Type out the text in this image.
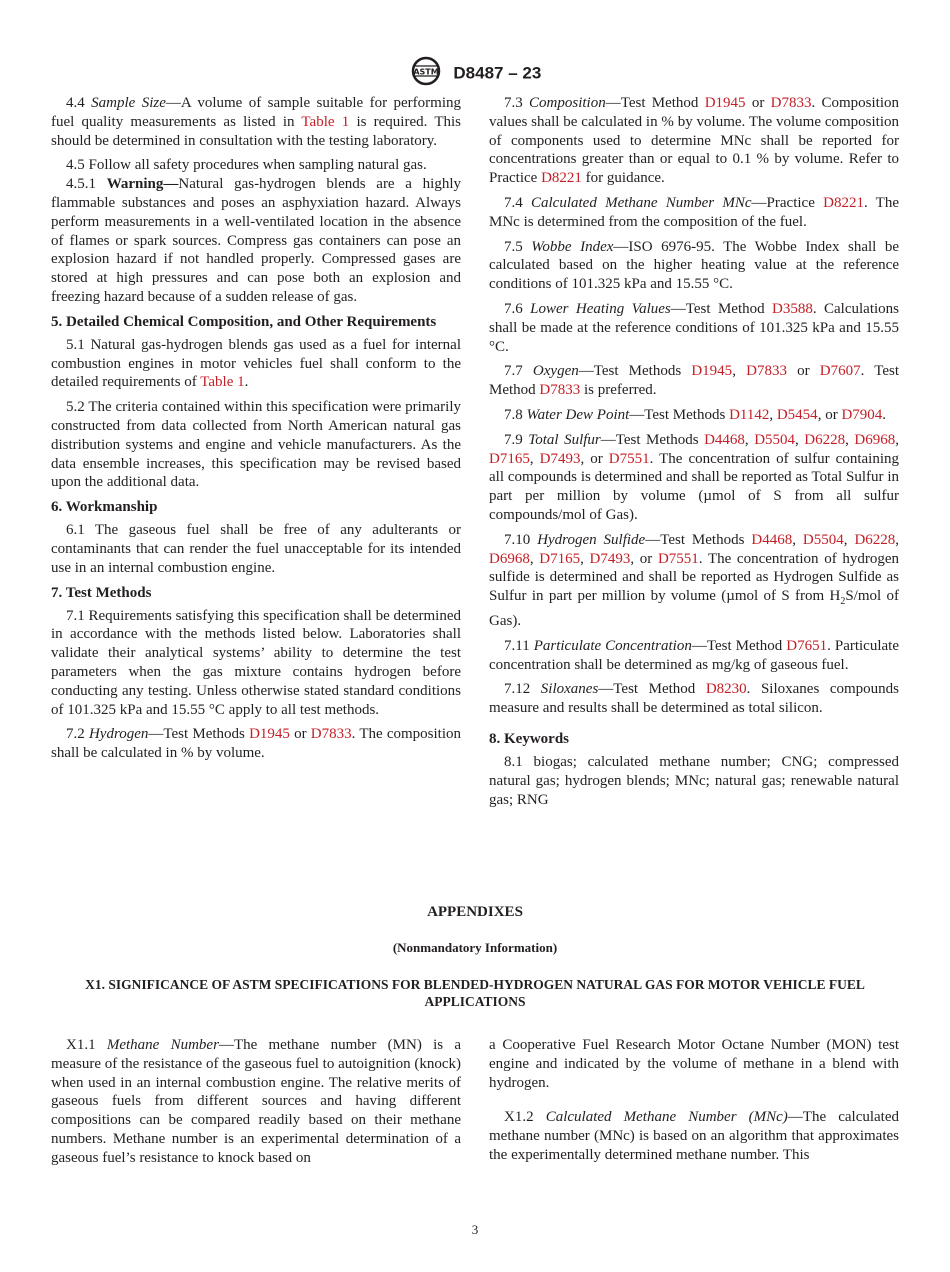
ASTM D8487 – 23

4.4 Sample Size—A volume of sample suitable for performing fuel quality measurements as listed in Table 1 is required. This should be determined in consultation with the testing laboratory.

4.5 Follow all safety procedures when sampling natural gas.

4.5.1 Warning—Natural gas-hydrogen blends are a highly flammable substances and poses an asphyxiation hazard. Always perform measurements in a well-ventilated location in the absence of flames or spark sources. Compress gas containers can pose an explosion hazard if not handled properly. Compressed gases are stored at high pressures and can pose both an explosion and freezing hazard because of a sudden release of gas.

5. Detailed Chemical Composition, and Other Requirements

5.1 Natural gas-hydrogen blends gas used as a fuel for internal combustion engines in motor vehicles fuel shall conform to the detailed requirements of Table 1.

5.2 The criteria contained within this specification were primarily constructed from data collected from North American natural gas distribution systems and engine and vehicle manufacturers. As the data ensemble increases, this specification may be revised based upon the additional data.

6. Workmanship

6.1 The gaseous fuel shall be free of any adulterants or contaminants that can render the fuel unacceptable for its intended use in an internal combustion engine.

7. Test Methods

7.1 Requirements satisfying this specification shall be determined in accordance with the methods listed below. Laboratories shall validate their analytical systems’ ability to determine the test parameters when the gas mixture contains hydrogen before conducting any testing. Unless otherwise stated standard conditions of 101.325 kPa and 15.55 °C apply to all test methods.

7.2 Hydrogen—Test Methods D1945 or D7833. The composition shall be calculated in % by volume.

7.3 Composition—Test Method D1945 or D7833. Composition values shall be calculated in % by volume. The volume composition of components used to determine MNc shall be reported for concentrations greater than or equal to 0.1 % by volume. Refer to Practice D8221 for guidance.

7.4 Calculated Methane Number MNc—Practice D8221. The MNc is determined from the composition of the fuel.

7.5 Wobbe Index—ISO 6976-95. The Wobbe Index shall be calculated based on the higher heating value at the reference conditions of 101.325 kPa and 15.55 °C.

7.6 Lower Heating Values—Test Method D3588. Calculations shall be made at the reference conditions of 101.325 kPa and 15.55 °C.

7.7 Oxygen—Test Methods D1945, D7833 or D7607. Test Method D7833 is preferred.

7.8 Water Dew Point—Test Methods D1142, D5454, or D7904.

7.9 Total Sulfur—Test Methods D4468, D5504, D6228, D6968, D7165, D7493, or D7551. The concentration of sulfur containing all compounds is determined and shall be reported as Total Sulfur in part per million by volume (µmol of S from all sulfur compounds/mol of Gas).

7.10 Hydrogen Sulfide—Test Methods D4468, D5504, D6228, D6968, D7165, D7493, or D7551. The concentration of hydrogen sulfide is determined and shall be reported as Hydrogen Sulfide as Sulfur in part per million by volume (µmol of S from $H_2S$/mol of Gas).

7.11 Particulate Concentration—Test Method D7651. Particulate concentration shall be determined as mg/kg of gaseous fuel.

7.12 Siloxanes—Test Method D8230. Siloxanes compounds measure and results shall be determined as total silicon.

8. Keywords

8.1 biogas; calculated methane number; CNG; compressed natural gas; hydrogen blends; MNc; natural gas; renewable natural gas; RNG

APPENDIXES
(Nonmandatory Information)
X1. SIGNIFICANCE OF ASTM SPECIFICATIONS FOR BLENDED-HYDROGEN NATURAL GAS FOR MOTOR VEHICLE FUEL APPLICATIONS

X1.1 Methane Number—The methane number (MN) is a measure of the resistance of the gaseous fuel to autoignition (knock) when used in an internal combustion engine. The relative merits of gaseous fuels from different sources and having different compositions can be compared readily based on their methane numbers. Methane number is an experimental determination of a gaseous fuel’s resistance to knock based on

a Cooperative Fuel Research Motor Octane Number (MON) test engine and indicated by the volume of methane in a blend with hydrogen.

X1.2 Calculated Methane Number (MNc)—The calculated methane number (MNc) is based on an algorithm that approximates the experimentally determined methane number. This

3
